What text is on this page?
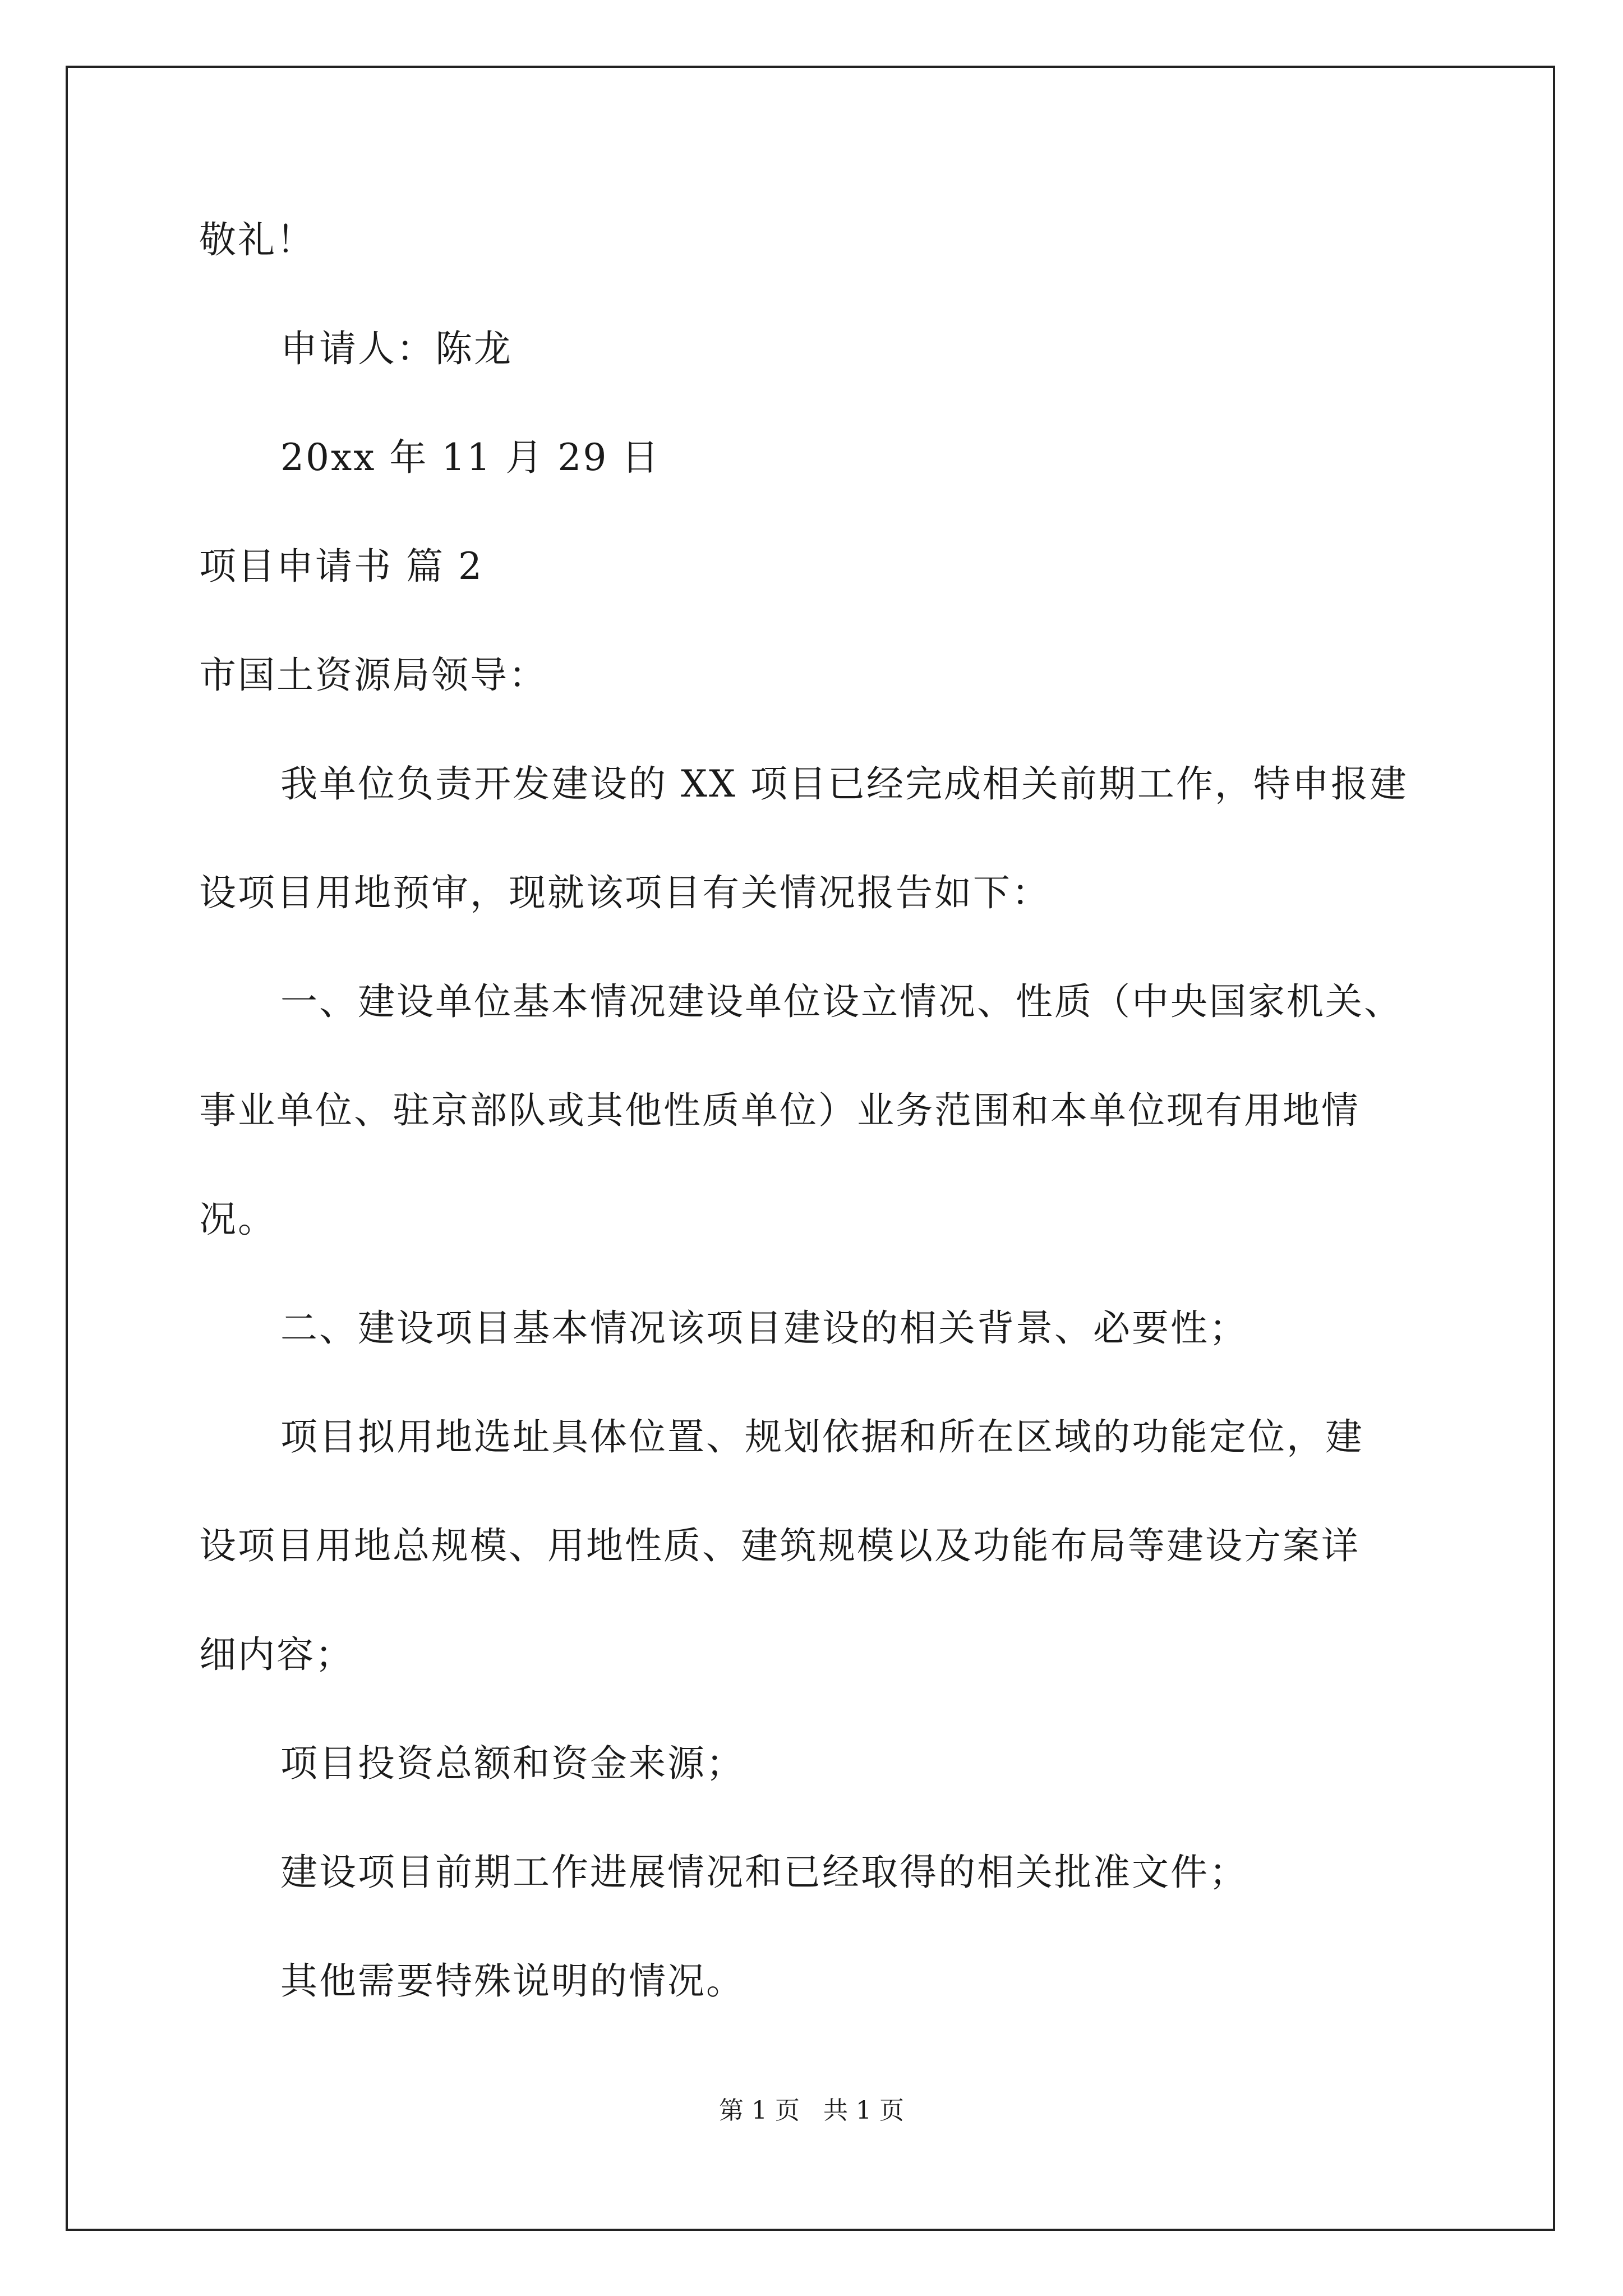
敬礼！
申请人：陈龙
20xx 年 11 月 29 日
项目申请书 篇 2
市国土资源局领导：
我单位负责开发建设的 XX 项目已经完成相关前期工作，特申报建
设项目用地预审，现就该项目有关情况报告如下：
一、建设单位基本情况建设单位设立情况、性质（中央国家机关、
事业单位、驻京部队或其他性质单位）业务范围和本单位现有用地情
况。
二、建设项目基本情况该项目建设的相关背景、必要性；
项目拟用地选址具体位置、规划依据和所在区域的功能定位，建
设项目用地总规模、用地性质、建筑规模以及功能布局等建设方案详
细内容；
项目投资总额和资金来源；
建设项目前期工作进展情况和已经取得的相关批准文件；
其他需要特殊说明的情况。
第 1 页   共 1 页
